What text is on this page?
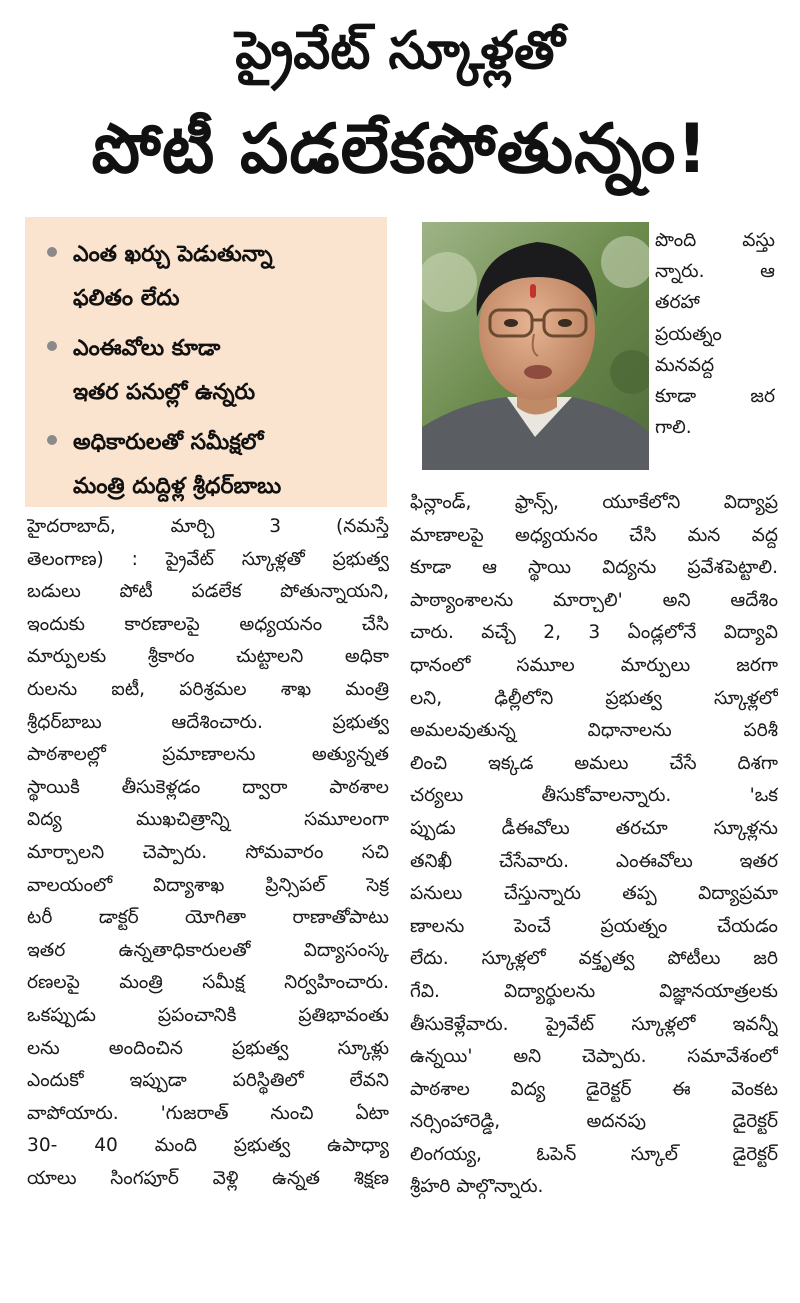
ప్రైవేట్ స్కూళ్లతో
పోటీ పడలేకపోతున్నం!
ఎంత ఖర్చు పెడుతున్నా
ఫలితం లేదు
ఎంఈవోలు కూడా
ఇతర పనుల్లో ఉన్నరు
అధికారులతో సమీక్షలో
మంత్రి దుద్దిళ్ల శ్రీధర్‌బాబు
పొంది వస్తు
న్నారు. ఆ
తరహా
ప్రయత్నం
మనవద్ద
కూడా జర
గాలి.
హైదరాబాద్, మార్చి 3 (నమస్తే
తెలంగాణ) : ప్రైవేట్ స్కూళ్లతో ప్రభుత్వ
బడులు పోటీ పడలేక పోతున్నాయని,
ఇందుకు కారణాలపై అధ్యయనం చేసి
మార్పులకు శ్రీకారం చుట్టాలని అధికా
రులను ఐటీ, పరిశ్రమల శాఖ మంత్రి
శ్రీధర్‌బాబు ఆదేశించారు. ప్రభుత్వ
పాఠశాలల్లో ప్రమాణాలను అత్యున్నత
స్థాయికి తీసుకెళ్లడం ద్వారా పాఠశాల
విద్య ముఖచిత్రాన్ని సమూలంగా
మార్చాలని చెప్పారు. సోమవారం సచి
వాలయంలో విద్యాశాఖ ప్రిన్సిపల్ సెక్ర
టరీ డాక్టర్ యోగితా రాణాతోపాటు
ఇతర ఉన్నతాధికారులతో విద్యాసంస్క
రణలపై మంత్రి సమీక్ష నిర్వహించారు.
ఒకప్పుడు ప్రపంచానికి ప్రతిభావంతు
లను అందించిన ప్రభుత్వ స్కూళ్లు
ఎందుకో ఇప్పుడా పరిస్థితిలో లేవని
వాపోయారు. 'గుజరాత్ నుంచి ఏటా
30- 40 మంది ప్రభుత్వ ఉపాధ్యా
యాలు సింగపూర్ వెళ్లి ఉన్నత శిక్షణ
ఫిన్లాండ్, ఫ్రాన్స్, యూకేలోని విద్యాప్ర
మాణాలపై అధ్యయనం చేసి మన వద్ద
కూడా ఆ స్థాయి విద్యను ప్రవేశపెట్టాలి.
పాఠ్యాంశాలను మార్చాలి' అని ఆదేశిం
చారు. వచ్చే 2, 3 ఏండ్లలోనే విద్యావి
ధానంలో సమూల మార్పులు జరగా
లని, ఢిల్లీలోని ప్రభుత్వ స్కూళ్లలో
అమలవుతున్న విధానాలను పరిశీ
లించి ఇక్కడ అమలు చేసే దిశగా
చర్యలు తీసుకోవాలన్నారు. 'ఒక
ప్పుడు డీఈవోలు తరచూ స్కూళ్లను
తనిఖీ చేసేవారు. ఎంఈవోలు ఇతర
పనులు చేస్తున్నారు తప్ప విద్యాప్రమా
ణాలను పెంచే ప్రయత్నం చేయడం
లేదు. స్కూళ్లలో వక్తృత్వ పోటీలు జరి
గేవి. విద్యార్థులను విజ్ఞానయాత్రలకు
తీసుకెళ్లేవారు. ప్రైవేట్ స్కూళ్లలో ఇవన్నీ
ఉన్నయి' అని చెప్పారు. సమావేశంలో
పాఠశాల విద్య డైరెక్టర్ ఈ వెంకట
నర్సింహారెడ్డి, అదనపు డైరెక్టర్
లింగయ్య, ఓపెన్ స్కూల్ డైరెక్టర్
శ్రీహరి పాల్గొన్నారు.
